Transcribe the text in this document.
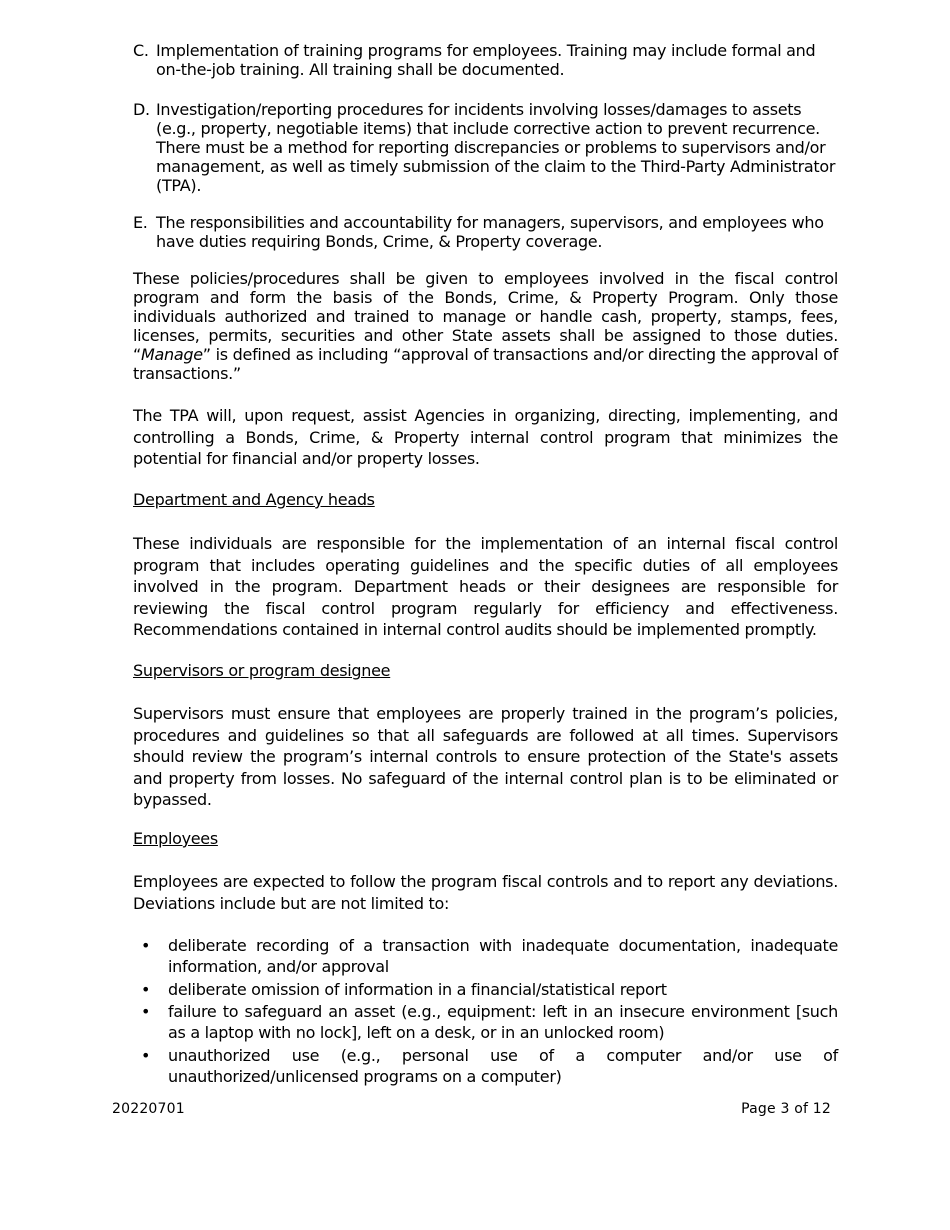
C. Implementation of training programs for employees. Training may include formal and on-the-job training. All training shall be documented.
D. Investigation/reporting procedures for incidents involving losses/damages to assets (e.g., property, negotiable items) that include corrective action to prevent recurrence. There must be a method for reporting discrepancies or problems to supervisors and/or management, as well as timely submission of the claim to the Third-Party Administrator (TPA).
E. The responsibilities and accountability for managers, supervisors, and employees who have duties requiring Bonds, Crime, & Property coverage.

These policies/procedures shall be given to employees involved in the fiscal control program and form the basis of the Bonds, Crime, & Property Program. Only those individuals authorized and trained to manage or handle cash, property, stamps, fees, licenses, permits, securities and other State assets shall be assigned to those duties. “Manage” is defined as including “approval of transactions and/or directing the approval of transactions.”

The TPA will, upon request, assist Agencies in organizing, directing, implementing, and controlling a Bonds, Crime, & Property internal control program that minimizes the potential for financial and/or property losses.

Department and Agency heads

These individuals are responsible for the implementation of an internal fiscal control program that includes operating guidelines and the specific duties of all employees involved in the program. Department heads or their designees are responsible for reviewing the fiscal control program regularly for efficiency and effectiveness. Recommendations contained in internal control audits should be implemented promptly.

Supervisors or program designee

Supervisors must ensure that employees are properly trained in the program’s policies, procedures and guidelines so that all safeguards are followed at all times. Supervisors should review the program’s internal controls to ensure protection of the State's assets and property from losses. No safeguard of the internal control plan is to be eliminated or bypassed.

Employees

Employees are expected to follow the program fiscal controls and to report any deviations. Deviations include but are not limited to:

• deliberate recording of a transaction with inadequate documentation, inadequate information, and/or approval
• deliberate omission of information in a financial/statistical report
• failure to safeguard an asset (e.g., equipment: left in an insecure environment [such as a laptop with no lock], left on a desk, or in an unlocked room)
• unauthorized use (e.g., personal use of a computer and/or use of unauthorized/unlicensed programs on a computer)
20220701	Page 3 of 12
